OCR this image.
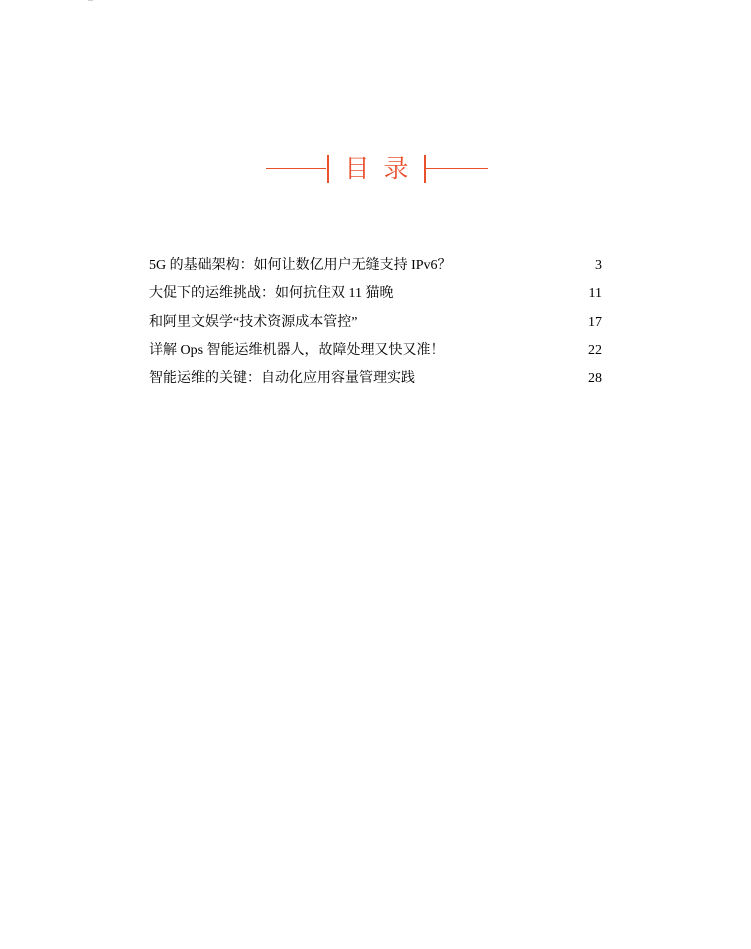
目录
5G 的基础架构：如何让数亿用户无缝支持 IPv6？	3
大促下的运维挑战：如何抗住双 11 猫晚	11
和阿里文娱学“技术资源成本管控”	17
详解 Ops 智能运维机器人，故障处理又快又准！	22
智能运维的关键：自动化应用容量管理实践	28
